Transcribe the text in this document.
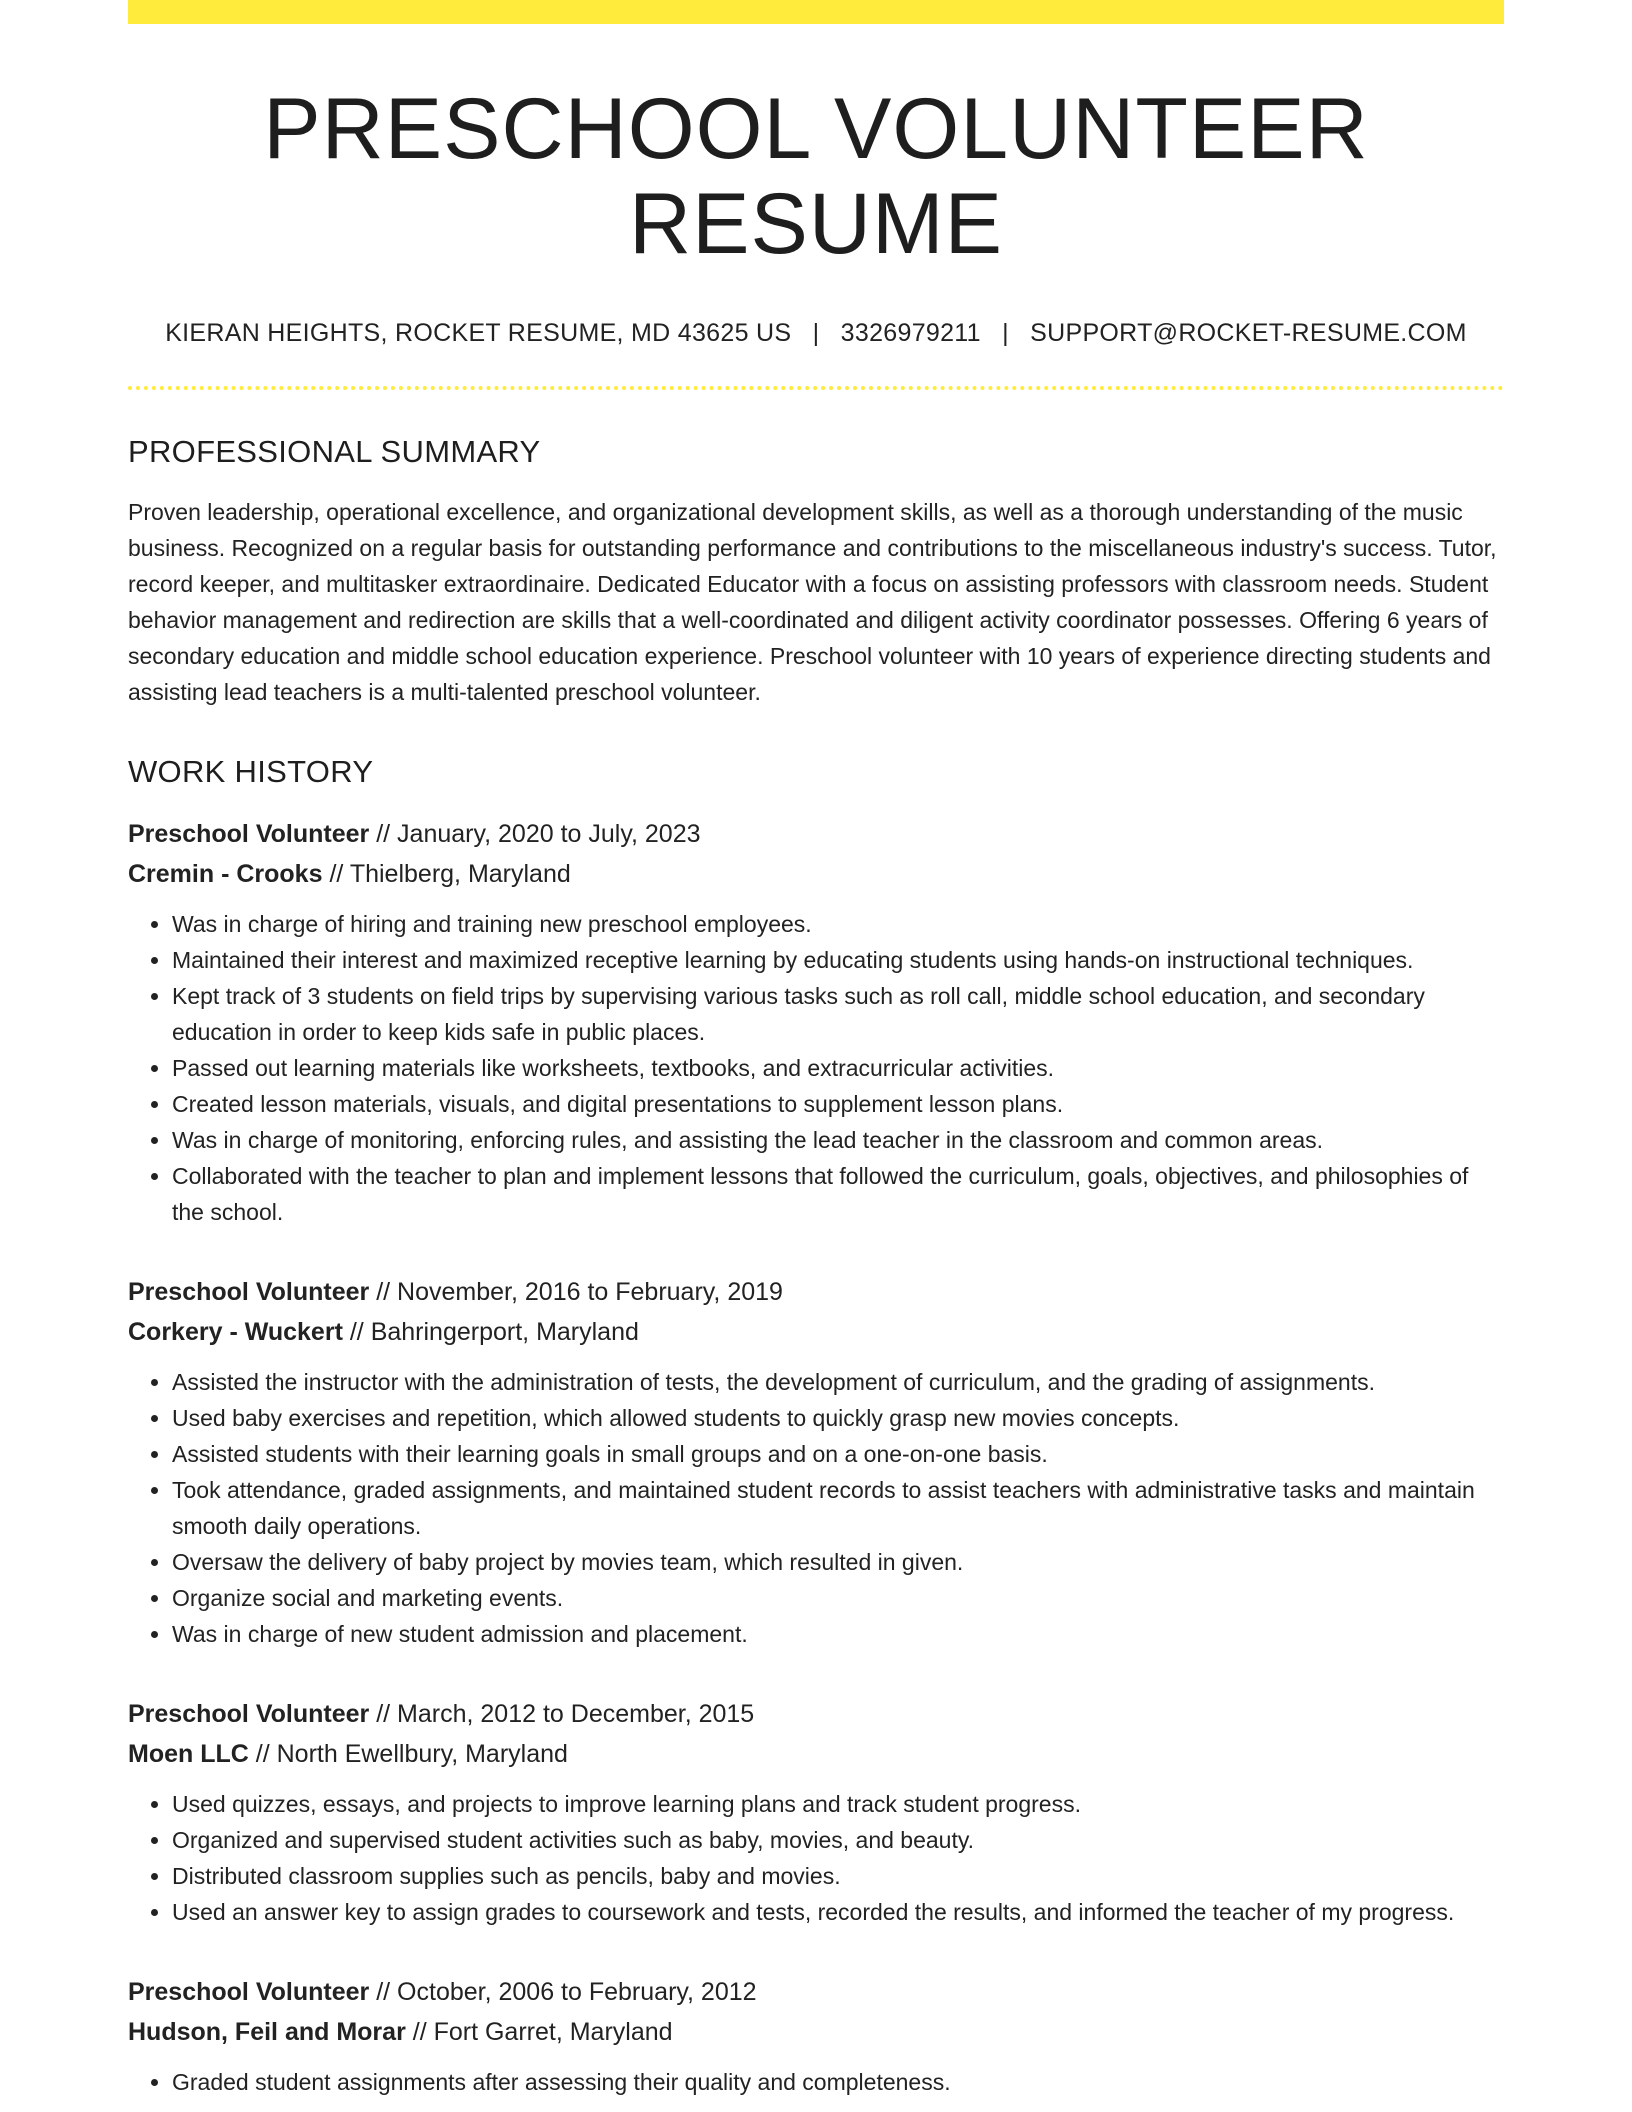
PRESCHOOL VOLUNTEER RESUME
KIERAN HEIGHTS, ROCKET RESUME, MD 43625 US | 3326979211 | SUPPORT@ROCKET-RESUME.COM
PROFESSIONAL SUMMARY

Proven leadership, operational excellence, and organizational development skills, as well as a thorough understanding of the music business. Recognized on a regular basis for outstanding performance and contributions to the miscellaneous industry's success. Tutor, record keeper, and multitasker extraordinaire. Dedicated Educator with a focus on assisting professors with classroom needs. Student behavior management and redirection are skills that a well-coordinated and diligent activity coordinator possesses. Offering 6 years of secondary education and middle school education experience. Preschool volunteer with 10 years of experience directing students and assisting lead teachers is a multi-talented preschool volunteer.

WORK HISTORY
Preschool Volunteer // January, 2020 to July, 2023
Cremin - Crooks // Thielberg, Maryland
• Was in charge of hiring and training new preschool employees.
• Maintained their interest and maximized receptive learning by educating students using hands-on instructional techniques.
• Kept track of 3 students on field trips by supervising various tasks such as roll call, middle school education, and secondary education in order to keep kids safe in public places.
• Passed out learning materials like worksheets, textbooks, and extracurricular activities.
• Created lesson materials, visuals, and digital presentations to supplement lesson plans.
• Was in charge of monitoring, enforcing rules, and assisting the lead teacher in the classroom and common areas.
• Collaborated with the teacher to plan and implement lessons that followed the curriculum, goals, objectives, and philosophies of the school.
Preschool Volunteer // November, 2016 to February, 2019
Corkery - Wuckert // Bahringerport, Maryland
• Assisted the instructor with the administration of tests, the development of curriculum, and the grading of assignments.
• Used baby exercises and repetition, which allowed students to quickly grasp new movies concepts.
• Assisted students with their learning goals in small groups and on a one-on-one basis.
• Took attendance, graded assignments, and maintained student records to assist teachers with administrative tasks and maintain smooth daily operations.
• Oversaw the delivery of baby project by movies team, which resulted in given.
• Organize social and marketing events.
• Was in charge of new student admission and placement.
Preschool Volunteer // March, 2012 to December, 2015
Moen LLC // North Ewellbury, Maryland
• Used quizzes, essays, and projects to improve learning plans and track student progress.
• Organized and supervised student activities such as baby, movies, and beauty.
• Distributed classroom supplies such as pencils, baby and movies.
• Used an answer key to assign grades to coursework and tests, recorded the results, and informed the teacher of my progress.
Preschool Volunteer // October, 2006 to February, 2012
Hudson, Feil and Morar // Fort Garret, Maryland
• Graded student assignments after assessing their quality and completeness.
